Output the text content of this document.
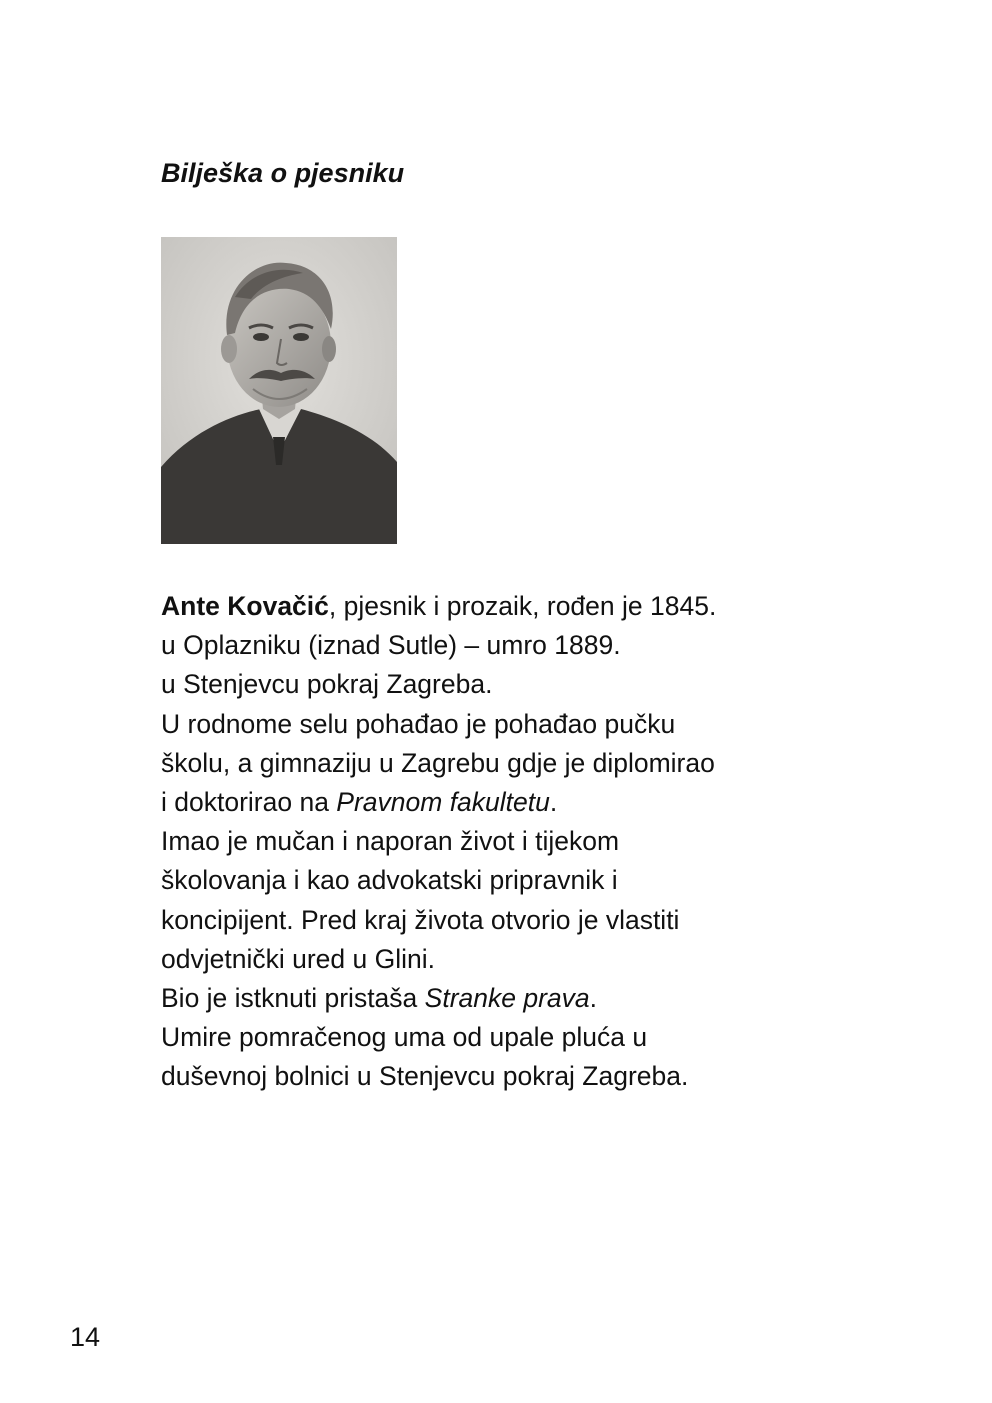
Bilješka o pjesniku
Ante Kovačić, pjesnik i prozaik, rođen je 1845.
u Oplazniku (iznad Sutle) – umro 1889.
u Stenjevcu pokraj Zagreba.
U rodnome selu pohađao je pohađao pučku
školu, a gimnaziju u Zagrebu gdje je diplomirao
i doktorirao na Pravnom fakultetu.
Imao je mučan i naporan život i tijekom
školovanja i kao advokatski pripravnik i
koncipijent. Pred kraj života otvorio je vlastiti
odvjetnički ured u Glini.
Bio je istknuti pristaša Stranke prava.
Umire pomračenog uma od upale pluća u
duševnoj bolnici u Stenjevcu pokraj Zagreba.

14
